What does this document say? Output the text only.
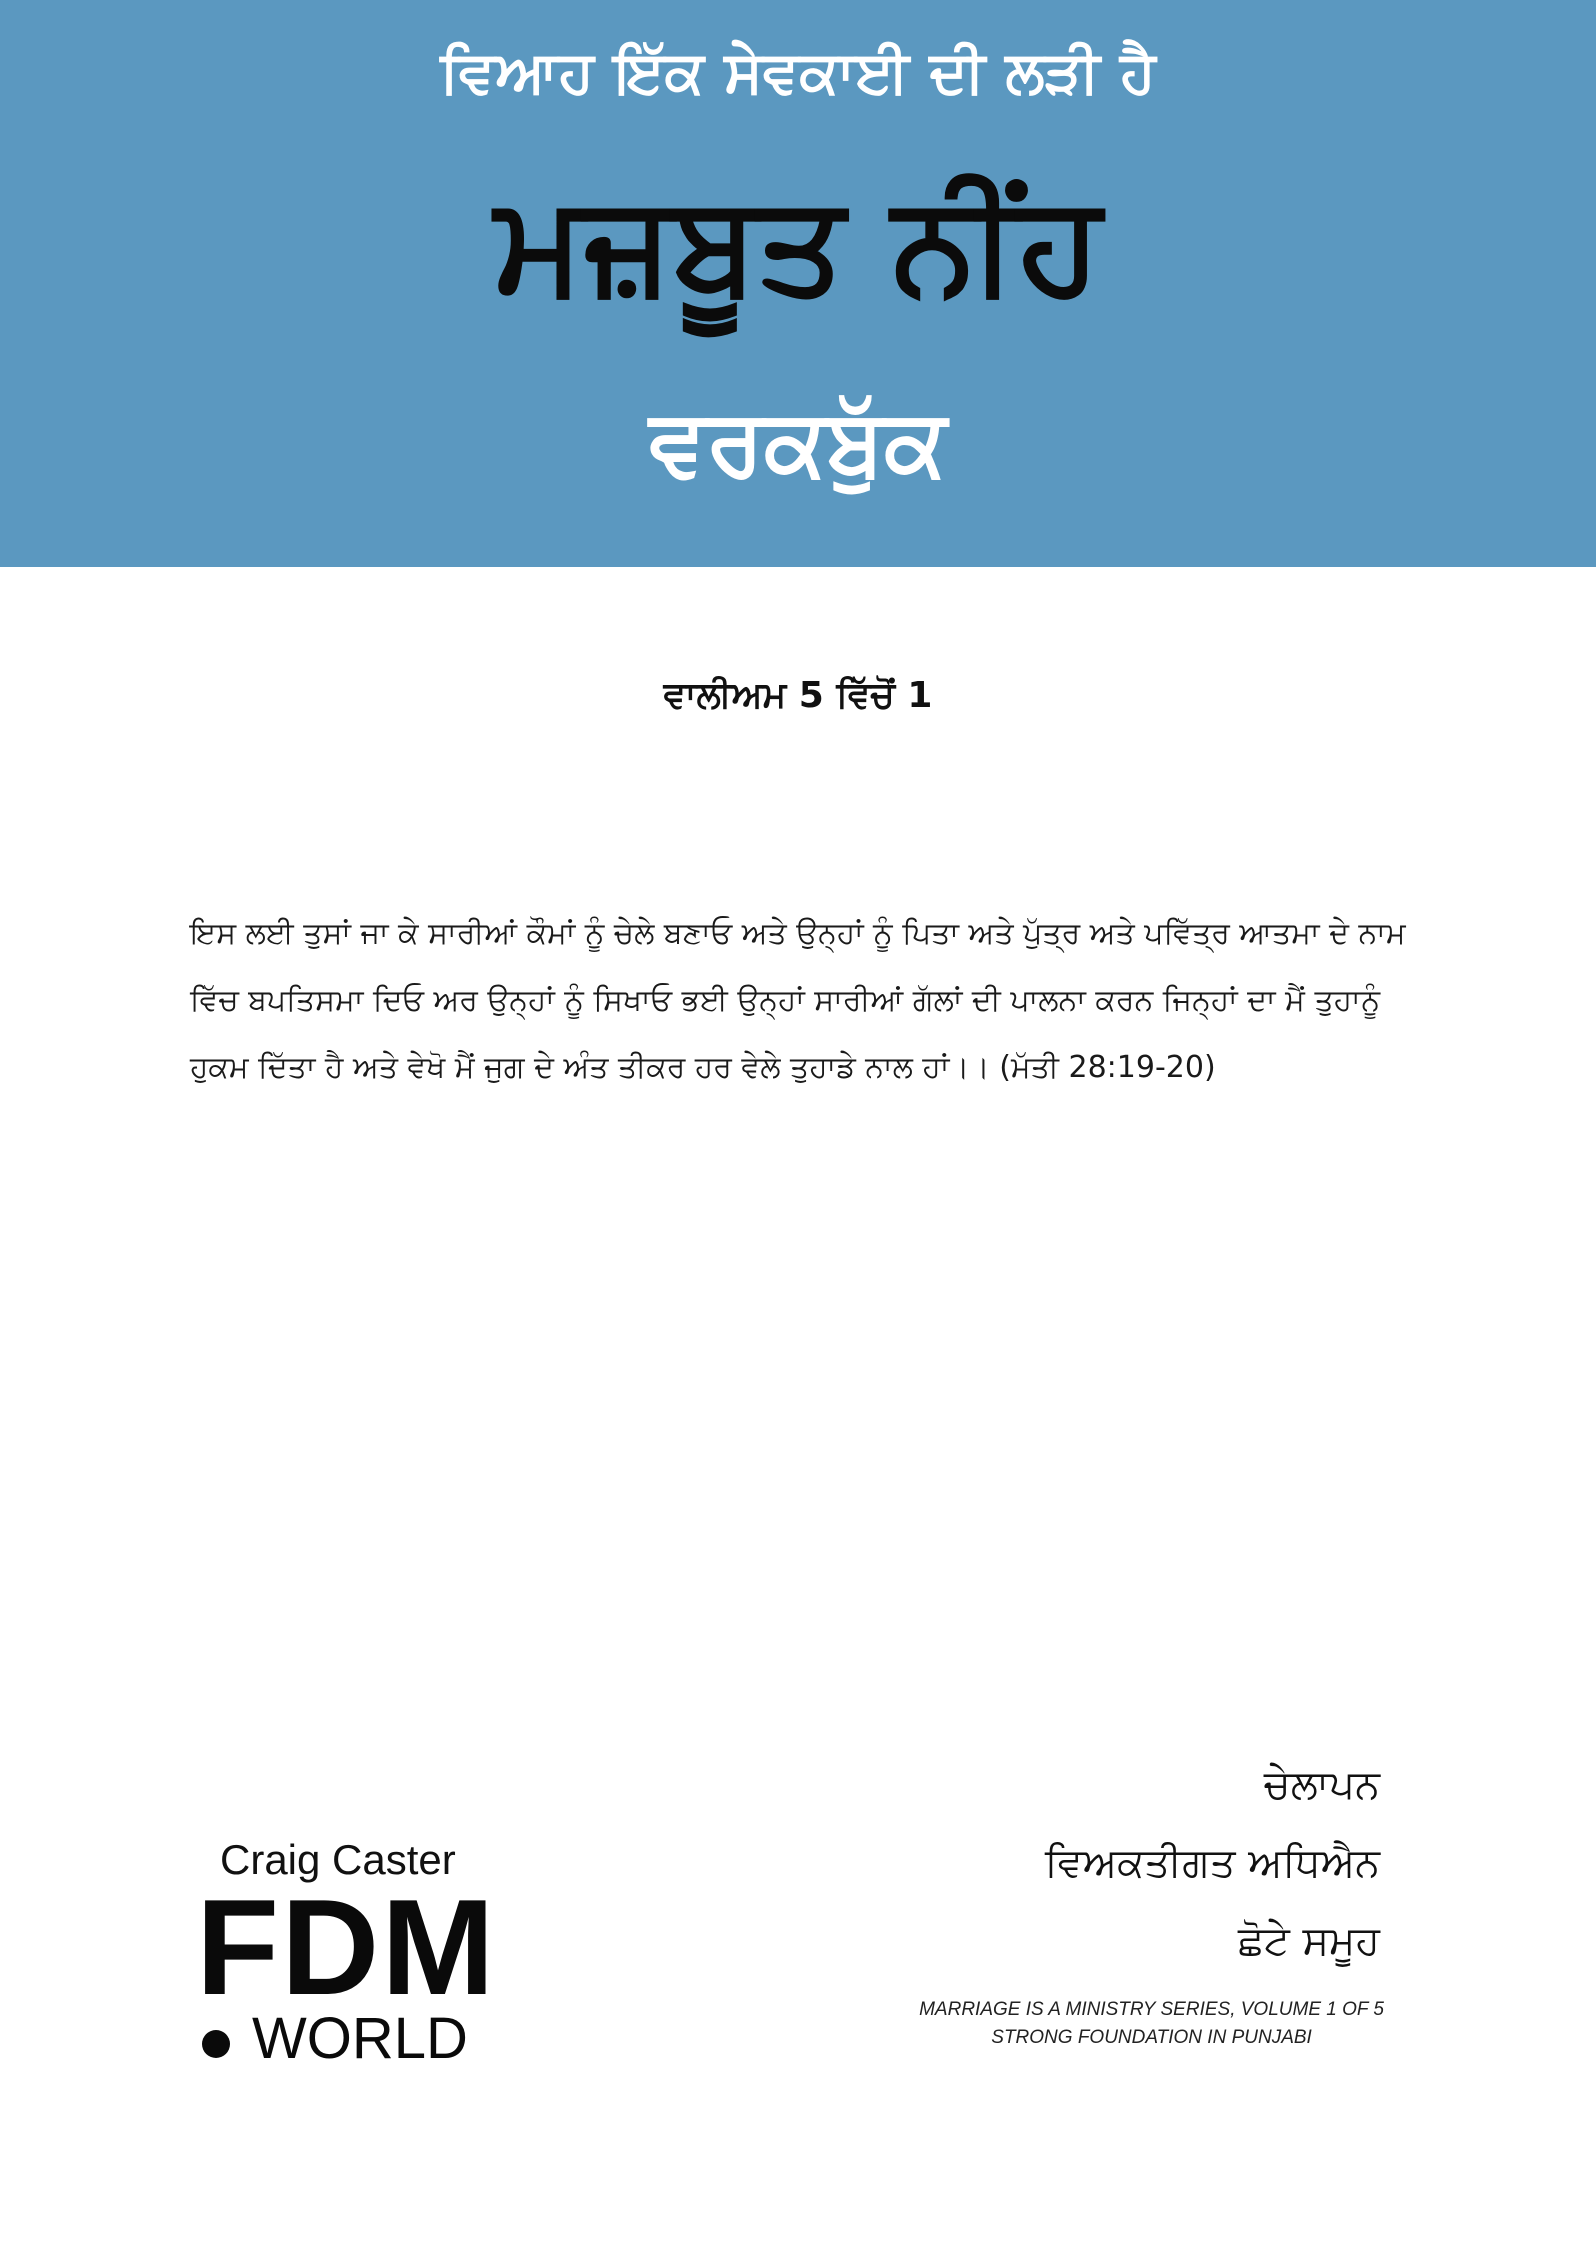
ਵਿਆਹ ਇੱਕ ਸੇਵਕਾਈ ਦੀ ਲੜੀ ਹੈ
ਮਜ਼ਬੂਤ ਨੀਂਹ
ਵਰਕਬੁੱਕ
ਵਾਲੀਅਮ 5 ਵਿੱਚੋਂ 1
ਇਸ ਲਈ ਤੁਸਾਂ ਜਾ ਕੇ ਸਾਰੀਆਂ ਕੌਮਾਂ ਨੂੰ ਚੇਲੇ ਬਣਾਓ ਅਤੇ ਉਨ੍ਹਾਂ ਨੂੰ ਪਿਤਾ ਅਤੇ ਪੁੱਤ੍ਰ ਅਤੇ ਪਵਿੱਤ੍ਰ ਆਤਮਾ ਦੇ ਨਾਮ
ਵਿੱਚ ਬਪਤਿਸਮਾ ਦਿਓ ਅਰ ਉਨ੍ਹਾਂ ਨੂੰ ਸਿਖਾਓ ਭਈ ਉਨ੍ਹਾਂ ਸਾਰੀਆਂ ਗੱਲਾਂ ਦੀ ਪਾਲਨਾ ਕਰਨ ਜਿਨ੍ਹਾਂ ਦਾ ਮੈਂ ਤੁਹਾਨੂੰ
ਹੁਕਮ ਦਿੱਤਾ ਹੈ ਅਤੇ ਵੇਖੋ ਮੈਂ ਜੁਗ ਦੇ ਅੰਤ ਤੀਕਰ ਹਰ ਵੇਲੇ ਤੁਹਾਡੇ ਨਾਲ ਹਾਂ।। (ਮੱਤੀ 28:19-20)
Craig Caster
FDM
WORLD
ਚੇਲਾਪਨ
ਵਿਅਕਤੀਗਤ ਅਧਿਐਨ
ਛੋਟੇ ਸਮੂਹ
MARRIAGE IS A MINISTRY SERIES, VOLUME 1 OF 5
STRONG FOUNDATION IN PUNJABI
